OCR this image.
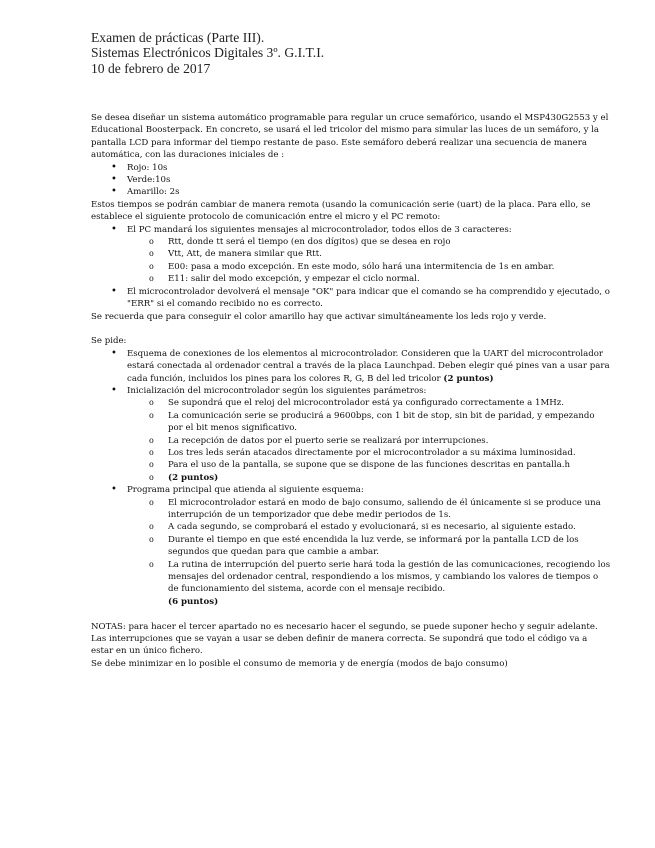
Examen de prácticas (Parte III).
Sistemas Electrónicos Digitales 3º. G.I.T.I.
10 de febrero de 2017

Se desea diseñar un sistema automático programable para regular un cruce semafórico, usando el MSP430G2553 y el Educational Boosterpack. En concreto, se usará el led tricolor del mismo para simular las luces de un semáforo, y la pantalla LCD para informar del tiempo restante de paso. Este semáforo deberá realizar una secuencia de manera automática, con las duraciones iniciales de :

• Rojo: 10s
• Verde:10s
• Amarillo: 2s

Estos tiempos se podrán cambiar de manera remota (usando la comunicación serie (uart) de la placa. Para ello, se establece el siguiente protocolo de comunicación entre el micro y el PC remoto:

• El PC mandará los siguientes mensajes al microcontrolador, todos ellos de 3 caracteres:
o Rtt, donde tt será el tiempo (en dos dígitos) que se desea en rojo
o Vtt, Att, de manera similar que Rtt.
o E00: pasa a modo excepción. En este modo, sólo hará una intermitencia de 1s en ambar.
o E11: salir del modo excepción, y empezar el ciclo normal.
• El microcontrolador devolverá el mensaje "OK" para indicar que el comando se ha comprendido y ejecutado, o "ERR" si el comando recibido no es correcto.

Se recuerda que para conseguir el color amarillo hay que activar simultáneamente los leds rojo y verde.

Se pide:

• Esquema de conexiones de los elementos al microcontrolador. Consideren que la UART del microcontrolador estará conectada al ordenador central a través de la placa Launchpad. Deben elegir qué pines van a usar para cada función, incluidos los pines para los colores R, G, B del led tricolor (2 puntos)
• Inicialización del microcontrolador según los siguientes parámetros:
o Se supondrá que el reloj del microcontrolador está ya configurado correctamente a 1MHz.
o La comunicación serie se producirá a 9600bps, con 1 bit de stop, sin bit de paridad, y empezando por el bit menos significativo.
o La recepción de datos por el puerto serie se realizará por interrupciones.
o Los tres leds serán atacados directamente por el microcontrolador a su máxima luminosidad.
o Para el uso de la pantalla, se supone que se dispone de las funciones descritas en pantalla.h
o (2 puntos)
• Programa principal que atienda al siguiente esquema:
o El microcontrolador estará en modo de bajo consumo, saliendo de él únicamente si se produce una interrupción de un temporizador que debe medir periodos de 1s.
o A cada segundo, se comprobará el estado y evolucionará, si es necesario, al siguiente estado.
o Durante el tiempo en que esté encendida la luz verde, se informará por la pantalla LCD de los segundos que quedan para que cambie a ambar.
o La rutina de interrupción del puerto serie hará toda la gestión de las comunicaciones, recogiendo los mensajes del ordenador central, respondiendo a los mismos, y cambiando los valores de tiempos o de funcionamiento del sistema, acorde con el mensaje recibido.
(6 puntos)

NOTAS: para hacer el tercer apartado no es necesario hacer el segundo, se puede suponer hecho y seguir adelante. Las interrupciones que se vayan a usar se deben definir de manera correcta. Se supondrá que todo el código va a estar en un único fichero.

Se debe minimizar en lo posible el consumo de memoria y de energía (modos de bajo consumo)
